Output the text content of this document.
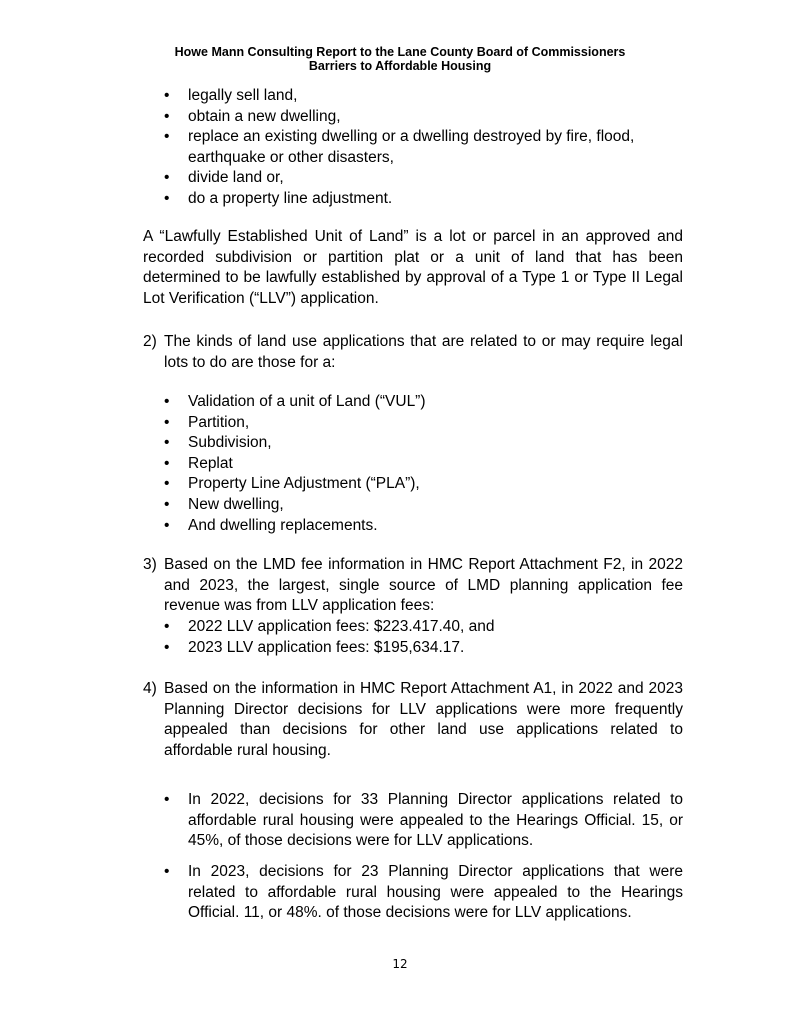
Howe Mann Consulting Report to the Lane County Board of Commissioners
Barriers to Affordable Housing
• legally sell land,
• obtain a new dwelling,
• replace an existing dwelling or a dwelling destroyed by fire, flood, earthquake or other disasters,
• divide land or,
• do a property line adjustment.
A “Lawfully Established Unit of Land” is a lot or parcel in an approved and recorded subdivision or partition plat or a unit of land that has been determined to be lawfully established by approval of a Type 1 or Type II Legal Lot Verification (“LLV”) application.
2) The kinds of land use applications that are related to or may require legal lots to do are those for a:
• Validation of a unit of Land (“VUL”)
• Partition,
• Subdivision,
• Replat
• Property Line Adjustment (“PLA”),
• New dwelling,
• And dwelling replacements.
3) Based on the LMD fee information in HMC Report Attachment F2, in 2022 and 2023, the largest, single source of LMD planning application fee revenue was from LLV application fees:
• 2022 LLV application fees: $223.417.40, and
• 2023 LLV application fees: $195,634.17.
4) Based on the information in HMC Report Attachment A1, in 2022 and 2023 Planning Director decisions for LLV applications were more frequently appealed than decisions for other land use applications related to affordable rural housing.
• In 2022, decisions for 33 Planning Director applications related to affordable rural housing were appealed to the Hearings Official. 15, or 45%, of those decisions were for LLV applications.
• In 2023, decisions for 23 Planning Director applications that were related to affordable rural housing were appealed to the Hearings Official. 11, or 48%. of those decisions were for LLV applications.
12
